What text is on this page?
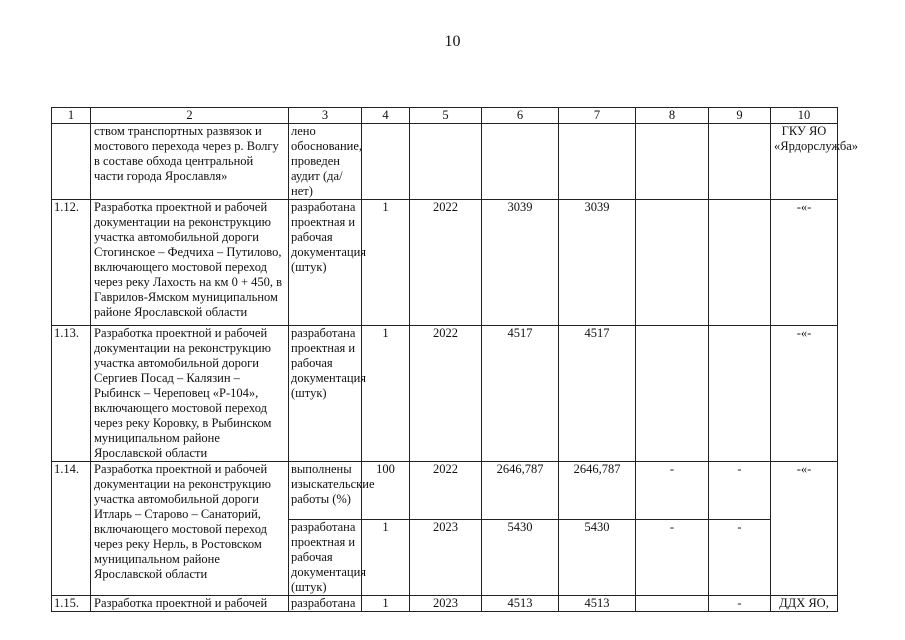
10
1	2	3	4	5	6	7	8	9	10
	ством транспортных развязок и мостового перехода через р. Волгу в составе обхода центральной части города Ярославля»	лено обоснование, проведен аудит (да/нет)							ГКУ ЯО «Ярдорслужба»
1.12.	Разработка проектной и рабочей документации на реконструкцию участка автомобильной дороги Стогинское – Федчиха – Путилово, включающего мостовой переход через реку Лахость на км 0 + 450, в Гаврилов-Ямском муниципальном районе Ярославской области	разработана проектная и рабочая документация (штук)	1	2022	3039	3039			-«-
1.13.	Разработка проектной и рабочей документации на реконструкцию участка автомобильной дороги Сергиев Посад – Калязин – Рыбинск – Череповец «Р-104», включающего мостовой переход через реку Коровку, в Рыбинском муниципальном районе Ярославской области	разработана проектная и рабочая документация (штук)	1	2022	4517	4517			-«-
1.14.	Разработка проектной и рабочей документации на реконструкцию участка автомобильной дороги Итларь – Старово – Санаторий, включающего мостовой переход через реку Нерль, в Ростовском муниципальном районе Ярославской области	выполнены изыскательские работы (%)	100	2022	2646,787	2646,787	-	-	-«-
		разработана проектная и рабочая документация (штук)	1	2023	5430	5430	-	-	
1.15.	Разработка проектной и рабочей	разработана	1	2023	4513	4513		-	ДДХ ЯО,
